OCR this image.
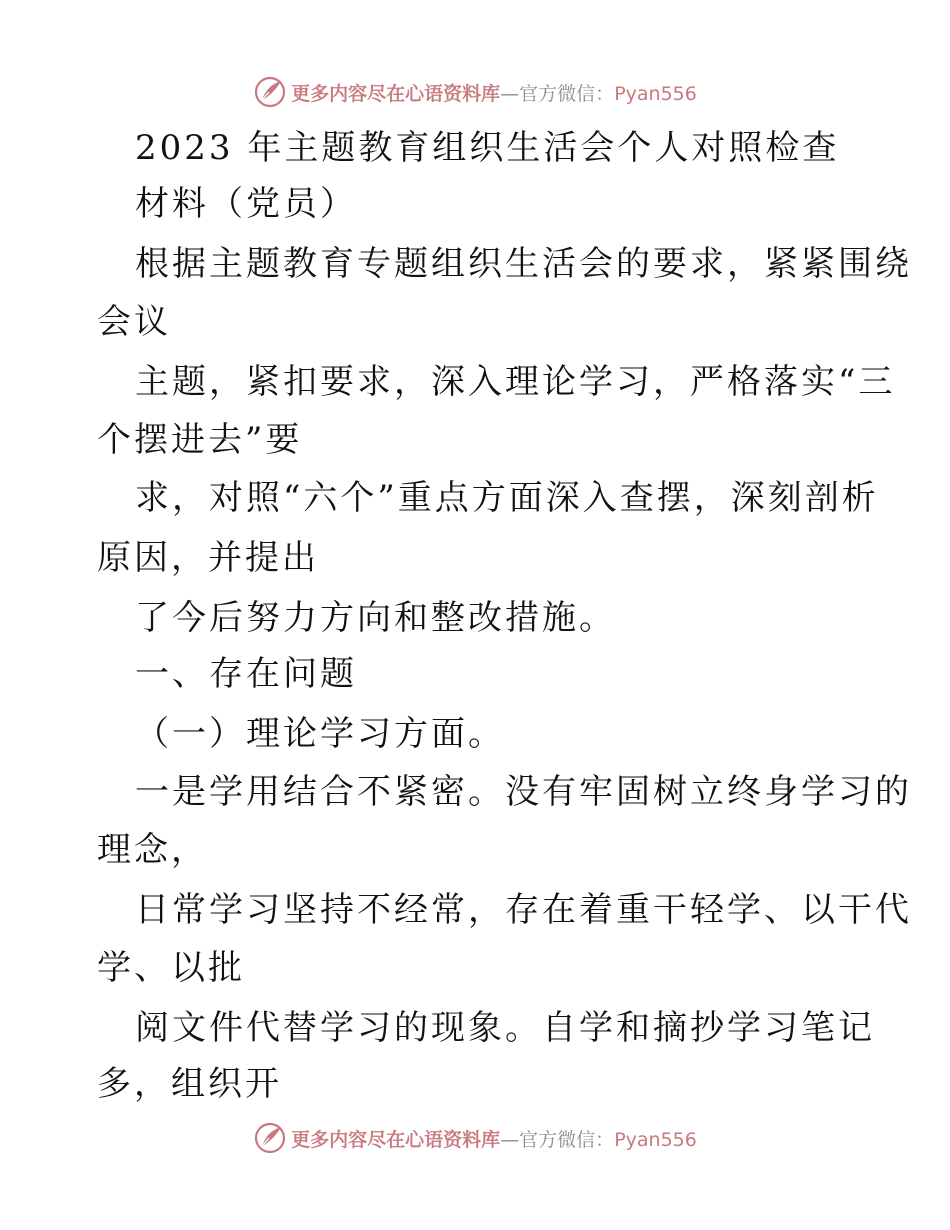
更多内容尽在心语资料库—官方微信：Pyan556
2023 年主题教育组织生活会个人对照检查
材料（党员）
根据主题教育专题组织生活会的要求，紧紧围绕
会议
主题，紧扣要求，深入理论学习，严格落实“三
个摆进去”要
求，对照“六个”重点方面深入查摆，深刻剖析
原因，并提出
了今后努力方向和整改措施。
一、存在问题
（一）理论学习方面。
一是学用结合不紧密。没有牢固树立终身学习的
理念，
日常学习坚持不经常，存在着重干轻学、以干代
学、以批
阅文件代替学习的现象。自学和摘抄学习笔记
多，组织开
更多内容尽在心语资料库—官方微信：Pyan556
